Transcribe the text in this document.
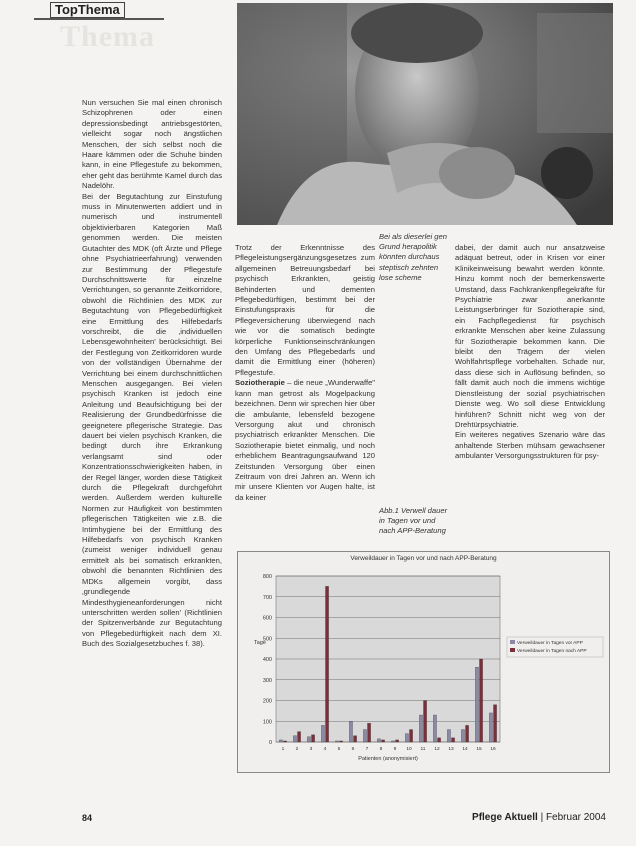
Thema
TopThema

Nun versuchen Sie mal einen chronisch Schizophrenen oder einen depressionsbedingt antriebsgestörten, vielleicht sogar noch ängstlichen Menschen, der sich selbst noch die Haare kämmen oder die Schuhe binden kann, in eine Pflegestufe zu bekommen, eher geht das berühmte Kamel durch das Nadelöhr.

Bei der Begutachtung zur Einstufung muss in Minutenwerten addiert und in numerisch und instrumentell objektivierbaren Kategorien Maß genommen werden. Die meisten Gutachter des MDK (oft Ärzte und Pflege ohne Psychiatrieerfahrung) verwenden zur Bestimmung der Pflegestufe Durchschnittswerte für einzelne Verrichtungen, so genannte Zeitkorridore, obwohl die Richtlinien des MDK zur Begutachtung von Pflegebedürftigkeit eine Ermittlung des Hilfebedarfs vorschreibt, die die ‚individuellen Lebensgewohnheiten' berücksichtigt. Bei der Festlegung von Zeitkorridoren wurde von der vollständigen Übernahme der Verrichtung bei einem durchschnittlichen Menschen ausgegangen. Bei vielen psychisch Kranken ist jedoch eine Anleitung und Beaufsichtigung bei der Realisierung der Grundbedürfnisse die geeignetere pflegerische Strategie. Das dauert bei vielen psychisch Kranken, die bedingt durch ihre Erkrankung verlangsamt sind oder Konzentrationsschwierigkeiten haben, in der Regel länger, worden diese Tätigkeit durch die Pflegekraft durchgeführt werden. Außerdem werden kulturelle Normen zur Häufigkeit von bestimmten pflegerischen Tätigkeiten wie z.B. die Intimhygiene bei der Ermittlung des Hilfebedarfs von psychisch Kranken (zumeist weniger individuell genau ermittelt als bei somatisch erkrankten, obwohl die benannten Richtlinien des MDKs allgemein vorgibt, dass ‚grundlegende Mindesthygieneanforderungen nicht unterschritten werden sollen' (Richtlinien der Spitzenverbände zur Begutachtung von Pflegebedürftigkeit nach dem XI. Buch des Sozialgesetzbuches f. 38).

Bei als dieserlei gen Grund herapolitik könnten durchaus steptisch zehnten lose scheme

Trotz der Erkenntnisse des Pflegeleistungsergänzungsgesetzes zum allgemeinen Betreuungsbedarf bei psychisch Erkrankten, geistig Behinderten und dementen Pflegebedürftigen, bestimmt bei der Einstufungspraxis für die Pflegeversicherung überwiegend nach wie vor die somatisch bedingte körperliche Funktionseinschränkungen den Umfang des Pflegebedarfs und damit die Ermittlung einer (höheren) Pflegestufe.

Soziotherapie – die neue „Wunderwaffe" kann man getrost als Mogelpackung bezeichnen. Denn wir sprechen hier über die ambulante, lebensfeld bezogene Versorgung akut und chronisch psychiatrisch erkrankter Menschen. Die Soziotherapie bietet einmalig, und noch erheblichem Beantragungsaufwand 120 Zeitstunden Versorgung über einen Zeitraum von drei Jahren an. Wenn ich mir unsere Klienten vor Augen halte, ist da keiner

Abb.1 Verwell dauer in Tagen vor und nach APP-Beratung

dabei, der damit auch nur ansatzweise adäquat betreut, oder in Krisen vor einer Klinikeinweisung bewahrt werden könnte. Hinzu kommt noch der bemerkenswerte Umstand, dass Fachkrankenpflegekräfte für Psychiatrie zwar anerkannte Leistungserbringer für Soziotherapie sind, ein Fachpflegedienst für psychisch erkrankte Menschen aber keine Zulassung für Soziotherapie bekommen kann. Die bleibt den Trägern der vielen Wohlfahrtspflege vorbehalten. Schade nur, dass diese sich in Auflösung befinden, so fällt damit auch noch die immens wichtige Dienstleistung der sozial psychiatrischen Dienste weg. Wo soll diese Entwicklung hinführen? Schnitt nicht weg von der Drehtürpsychiatrie.

Ein weiteres negatives Szenario wäre das anhaltende Sterben mühsam gewachsener ambulanter Versorgungsstrukturen für psy-

Verweildauer in Tagen vor und nach APP-Beratung
0
100
200
300
400
500
600
700
800
Tage
Patienten (anonymisiert)
1 2 3 4 5 6 7 8 9 10 11 12 13 14 15 16
Verweildauer in Tagen vor APP
Verweildauer in Tagen nach APP
84	Pflege Aktuell | Februar 2004
